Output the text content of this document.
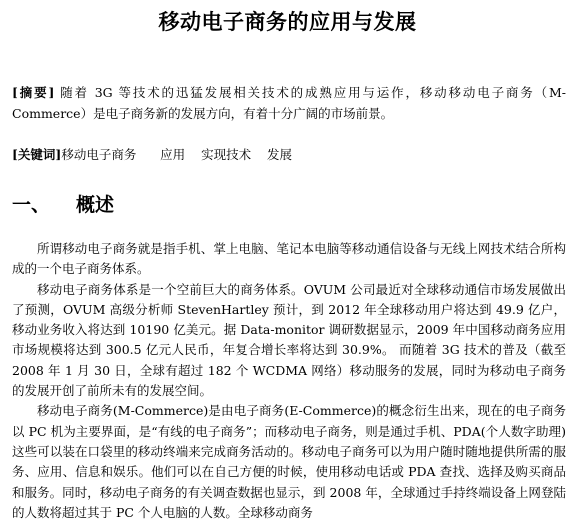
移动电子商务的应用与发展
[摘要] 随着 3G 等技术的迅猛发展相关技术的成熟应用与运作，移动移动电子商务（M-Commerce）是电子商务新的发展方向，有着十分广阔的市场前景。
[关键词]移动电子商务      应用    实现技术    发展
一、 概述

所谓移动电子商务就是指手机、掌上电脑、笔记本电脑等移动通信设备与无线上网技术结合所构成的一个电子商务体系。

移动电子商务体系是一个空前巨大的商务体系。OVUM 公司最近对全球移动通信市场发展做出了预测，OVUM 高级分析师 StevenHartley 预计，到 2012 年全球移动用户将达到 49.9 亿户，移动业务收入将达到 10190 亿美元。据 Data-monitor 调研数据显示，2009 年中国移动商务应用市场规模将达到 300.5 亿元人民币，年复合增长率将达到 30.9%。 而随着 3G 技术的普及（截至 2008 年 1 月 30 日，全球有超过 182 个 WCDMA 网络）移动服务的发展，同时为移动电子商务的发展开创了前所未有的发展空间。

移动电子商务(M-Commerce)是由电子商务(E-Commerce)的概念衍生出来，现在的电子商务以 PC 机为主要界面，是“有线的电子商务”；而移动电子商务，则是通过手机、PDA(个人数字助理)这些可以装在口袋里的移动终端来完成商务活动的。移动电子商务可以为用户随时随地提供所需的服务、应用、信息和娱乐。他们可以在自己方便的时候，使用移动电话或 PDA 查找、选择及购买商品和服务。同时，移动电子商务的有关调查数据也显示，到 2008 年，全球通过手持终端设备上网登陆的人数将超过其于 PC 个人电脑的人数。全球移动商务
